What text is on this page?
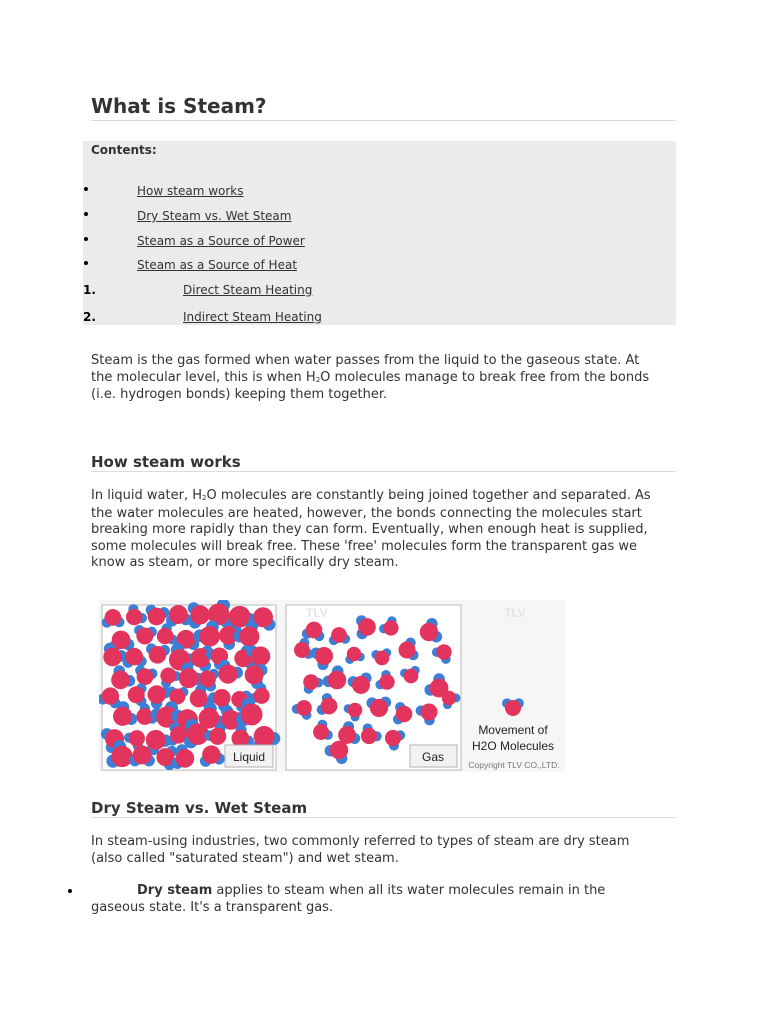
What is Steam?
Contents:
How steam works
Dry Steam vs. Wet Steam
Steam as a Source of Power
Steam as a Source of Heat
1.	Direct Steam Heating
2.	Indirect Steam Heating

Steam is the gas formed when water passes from the liquid to the gaseous state. At the molecular level, this is when $H_2O$ molecules manage to break free from the bonds (i.e. hydrogen bonds) keeping them together.

How steam works

In liquid water, $H_2O$ molecules are constantly being joined together and separated. As the water molecules are heated, however, the bonds connecting the molecules start breaking more rapidly than they can form. Eventually, when enough heat is supplied, some molecules will break free. These 'free' molecules form the transparent gas we know as steam, or more specifically dry steam.

TLV	TLV
Liquid	Gas
Movement of
H2O Molecules
Copyright TLV CO.,LTD.
Dry Steam vs. Wet Steam

In steam-using industries, two commonly referred to types of steam are dry steam (also called "saturated steam") and wet steam.

Dry steam applies to steam when all its water molecules remain in the gaseous state. It's a transparent gas.
